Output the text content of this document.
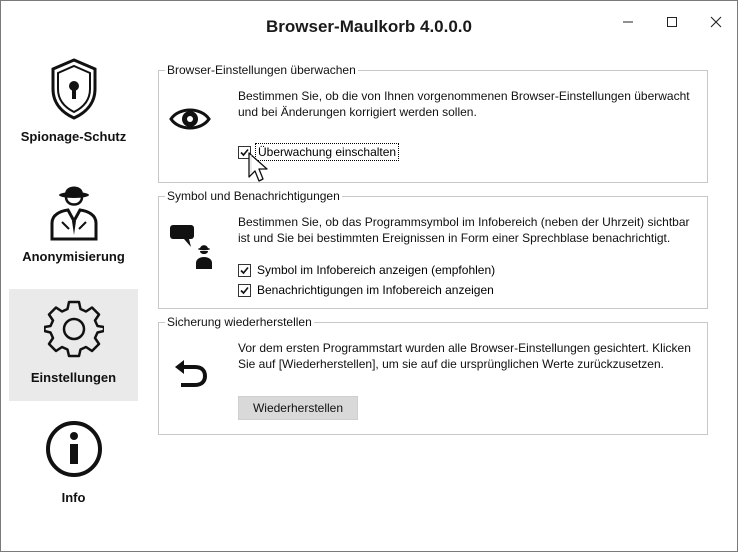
Browser-Maulkorb 4.0.0.0
Spionage-Schutz
Anonymisierung
Einstellungen
Info
Browser-Einstellungen überwachen
Bestimmen Sie, ob die von Ihnen vorgenommenen Browser-Einstellungen überwacht und bei Änderungen korrigiert werden sollen.
Überwachung einschalten
Symbol und Benachrichtigungen
Bestimmen Sie, ob das Programmsymbol im Infobereich (neben der Uhrzeit) sichtbar ist und Sie bei bestimmten Ereignissen in Form einer Sprechblase benachrichtigt.
Symbol im Infobereich anzeigen (empfohlen)
Benachrichtigungen im Infobereich anzeigen
Sicherung wiederherstellen
Vor dem ersten Programmstart wurden alle Browser-Einstellungen gesichtert. Klicken Sie auf [Wiederherstellen], um sie auf die ursprünglichen Werte zurückzusetzen.
Wiederherstellen
